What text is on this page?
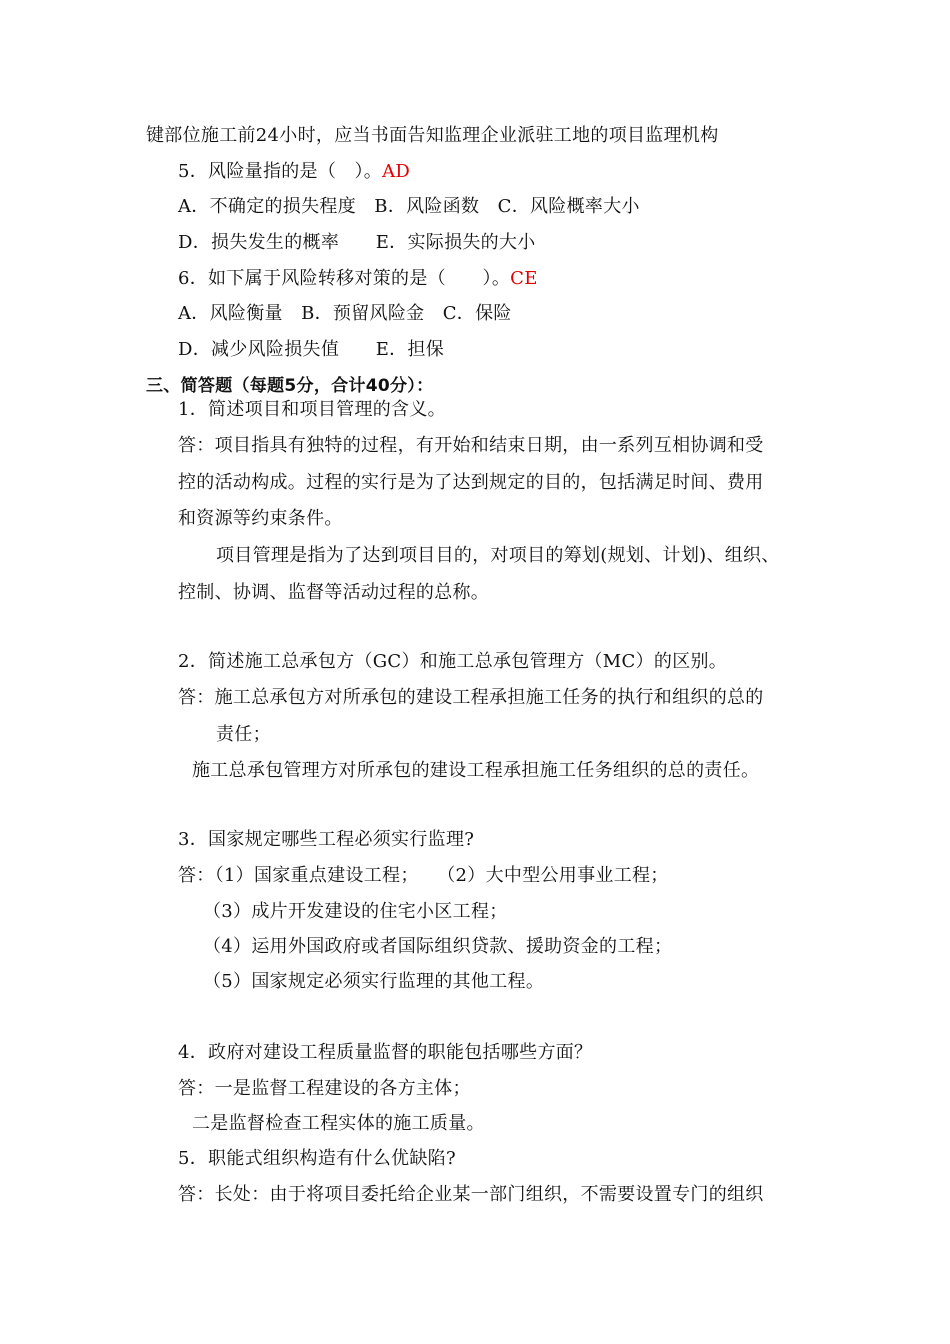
键部位施工前24小时，应当书面告知监理企业派驻工地的项目监理机构
5．风险量指的是（　）。AD
A．不确定的损失程度　B．风险函数　C．风险概率大小
D．损失发生的概率　　E．实际损失的大小
6．如下属于风险转移对策的是（　　）。CE
A．风险衡量　B．预留风险金　C．保险
D．减少风险损失值　　E．担保
三、简答题（每题5分，合计40分）：
1．简述项目和项目管理的含义。
答：项目指具有独特的过程，有开始和结束日期，由一系列互相协调和受
控的活动构成。过程的实行是为了达到规定的目的，包括满足时间、费用
和资源等约束条件。
项目管理是指为了达到项目目的，对项目的筹划(规划、计划)、组织、
控制、协调、监督等活动过程的总称。
2．简述施工总承包方（GC）和施工总承包管理方（MC）的区别。
答：施工总承包方对所承包的建设工程承担施工任务的执行和组织的总的
责任；
施工总承包管理方对所承包的建设工程承担施工任务组织的总的责任。
3．国家规定哪些工程必须实行监理?
答：（1）国家重点建设工程；　　（2）大中型公用事业工程；
（3）成片开发建设的住宅小区工程；
（4）运用外国政府或者国际组织贷款、援助资金的工程；
（5）国家规定必须实行监理的其他工程。
4．政府对建设工程质量监督的职能包括哪些方面？
答：一是监督工程建设的各方主体；
二是监督检查工程实体的施工质量。
5．职能式组织构造有什么优缺陷?
答：长处：由于将项目委托给企业某一部门组织，不需要设置专门的组织
